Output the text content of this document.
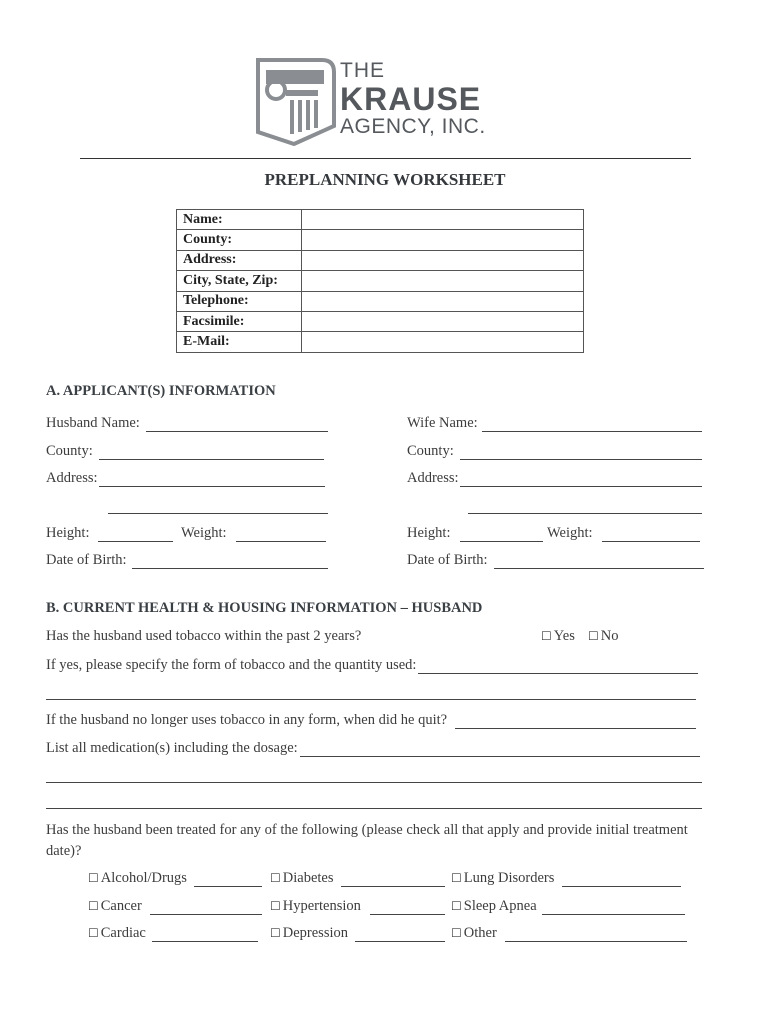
THE
KRAUSE
AGENCY, INC.
PREPLANNING WORKSHEET
Name:	
County:	
Address:	
City, State, Zip:	
Telephone:	
Facsimile:	
E-Mail:	
A. APPLICANT(S) INFORMATION
Husband Name:	Wife Name:
County:	County:
Address:	Address:
Height:	Weight:	Height:	Weight:
Date of Birth:	Date of Birth:
B. CURRENT HEALTH & HOUSING INFORMATION – HUSBAND
Has the husband used tobacco within the past 2 years?	☐ Yes ☐ No
If yes, please specify the form of tobacco and the quantity used:
If the husband no longer uses tobacco in any form, when did he quit?
List all medication(s) including the dosage:
Has the husband been treated for any of the following (please check all that apply and provide initial treatment
date)?
☐ Alcohol/Drugs	☐ Diabetes	☐ Lung Disorders
☐ Cancer	☐ Hypertension	☐ Sleep Apnea
☐ Cardiac	☐ Depression	☐ Other
